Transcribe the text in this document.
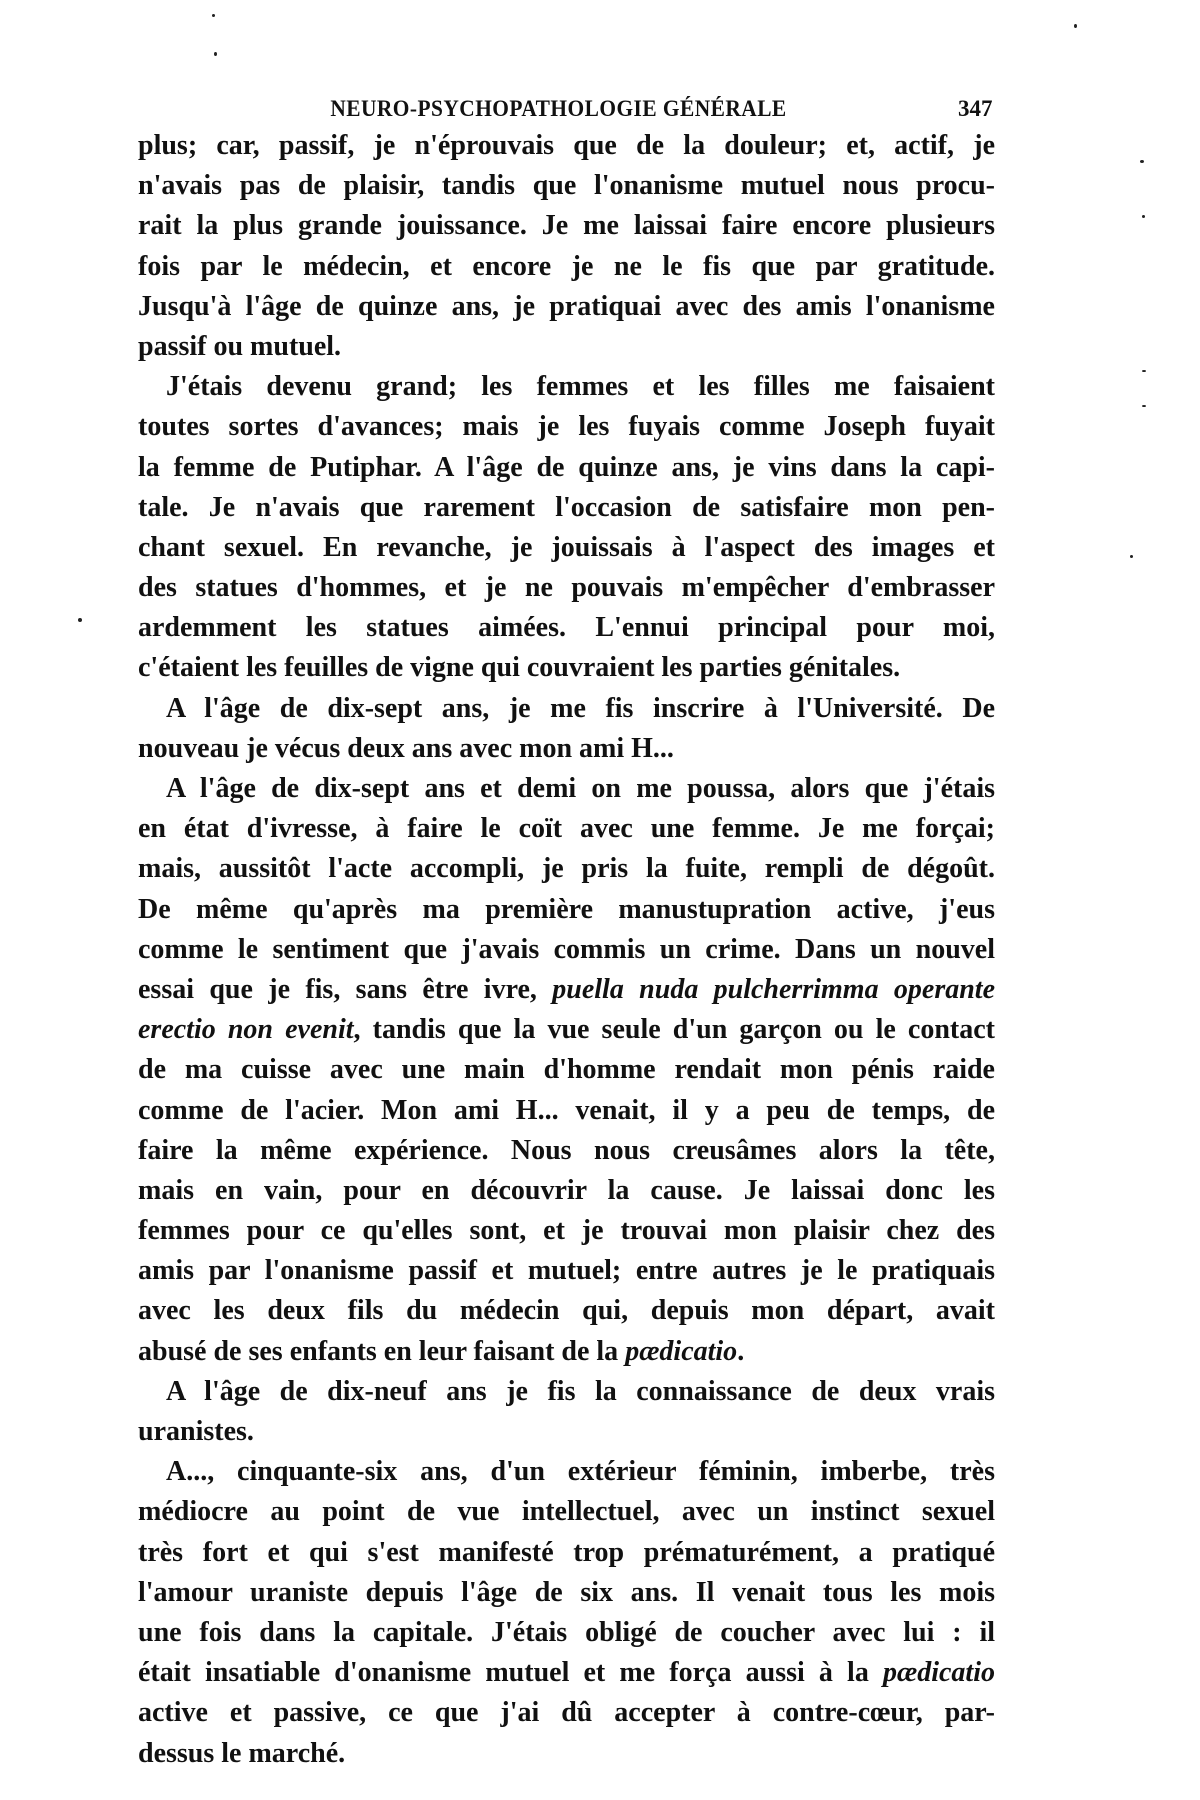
NEURO-PSYCHOPATHOLOGIE GÉNÉRALE	347
plus; car, passif, je n'éprouvais que de la douleur; et, actif, je
n'avais pas de plaisir, tandis que l'onanisme mutuel nous procu-
rait la plus grande jouissance. Je me laissai faire encore plusieurs
fois par le médecin, et encore je ne le fis que par gratitude.
Jusqu'à l'âge de quinze ans, je pratiquai avec des amis l'onanisme
passif ou mutuel.
J'étais devenu grand; les femmes et les filles me faisaient
toutes sortes d'avances; mais je les fuyais comme Joseph fuyait
la femme de Putiphar. A l'âge de quinze ans, je vins dans la capi-
tale. Je n'avais que rarement l'occasion de satisfaire mon pen-
chant sexuel. En revanche, je jouissais à l'aspect des images et
des statues d'hommes, et je ne pouvais m'empêcher d'embrasser
ardemment les statues aimées. L'ennui principal pour moi,
c'étaient les feuilles de vigne qui couvraient les parties génitales.
A l'âge de dix-sept ans, je me fis inscrire à l'Université. De
nouveau je vécus deux ans avec mon ami H...
A l'âge de dix-sept ans et demi on me poussa, alors que j'étais
en état d'ivresse, à faire le coït avec une femme. Je me forçai;
mais, aussitôt l'acte accompli, je pris la fuite, rempli de dégoût.
De même qu'après ma première manustupration active, j'eus
comme le sentiment que j'avais commis un crime. Dans un nouvel
essai que je fis, sans être ivre, puella nuda pulcherrimma operante
erectio non evenit, tandis que la vue seule d'un garçon ou le contact
de ma cuisse avec une main d'homme rendait mon pénis raide
comme de l'acier. Mon ami H... venait, il y a peu de temps, de
faire la même expérience. Nous nous creusâmes alors la tête,
mais en vain, pour en découvrir la cause. Je laissai donc les
femmes pour ce qu'elles sont, et je trouvai mon plaisir chez des
amis par l'onanisme passif et mutuel; entre autres je le pratiquais
avec les deux fils du médecin qui, depuis mon départ, avait
abusé de ses enfants en leur faisant de la pædicatio.
A l'âge de dix-neuf ans je fis la connaissance de deux vrais
uranistes.
A..., cinquante-six ans, d'un extérieur féminin, imberbe, très
médiocre au point de vue intellectuel, avec un instinct sexuel
très fort et qui s'est manifesté trop prématurément, a pratiqué
l'amour uraniste depuis l'âge de six ans. Il venait tous les mois
une fois dans la capitale. J'étais obligé de coucher avec lui : il
était insatiable d'onanisme mutuel et me força aussi à la pædicatio
active et passive, ce que j'ai dû accepter à contre-cœur, par-
dessus le marché.
